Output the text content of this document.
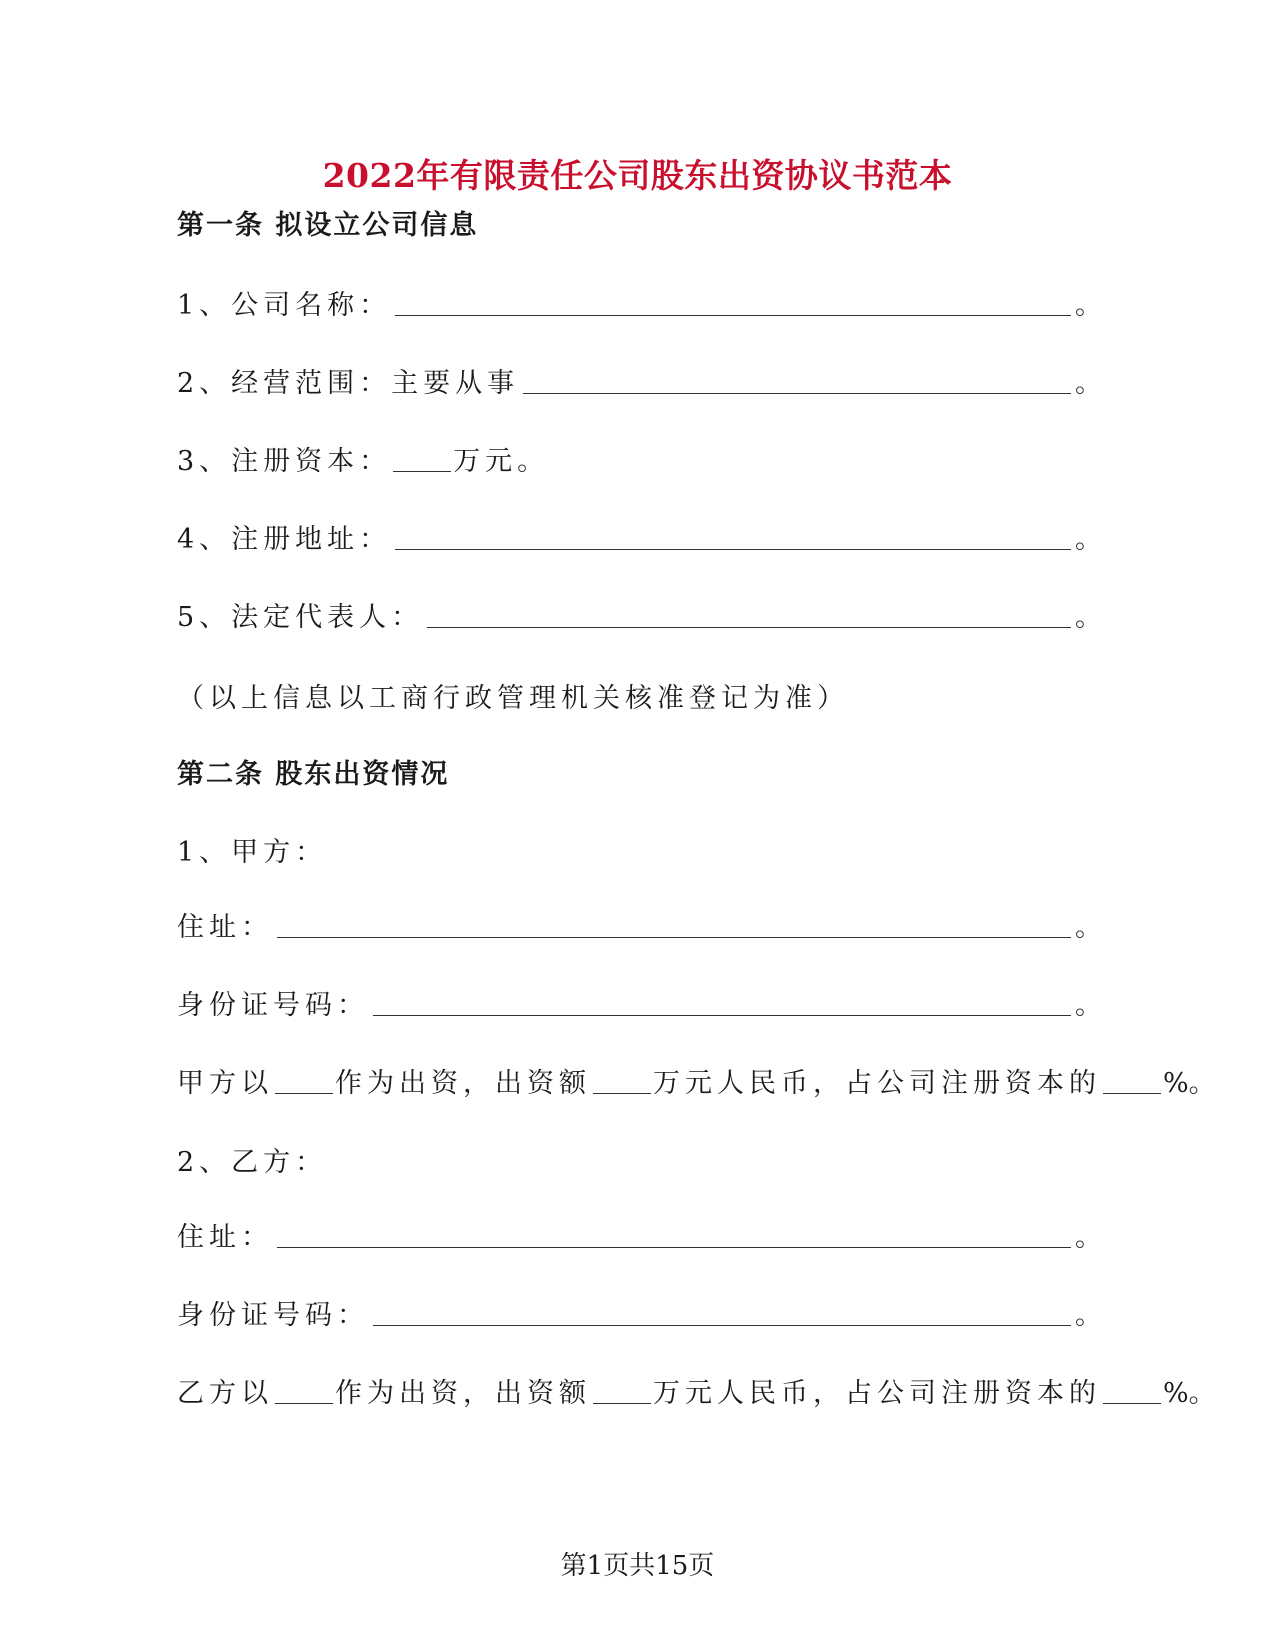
2022年有限责任公司股东出资协议书范本
第一条 拟设立公司信息
1、公司名称：	。
2、经营范围：主要从事	。
3、注册资本： 万元。
4、注册地址：	。
5、法定代表人：	。
（以上信息以工商行政管理机关核准登记为准）
第二条 股东出资情况
1、甲方：
住址：	。
身份证号码：	。
甲方以 作为出资，出资额 万元人民币，占公司注册资本的 %。
2、乙方：
住址：	。
身份证号码：	。
乙方以 作为出资，出资额 万元人民币，占公司注册资本的 %。
第1页共15页
